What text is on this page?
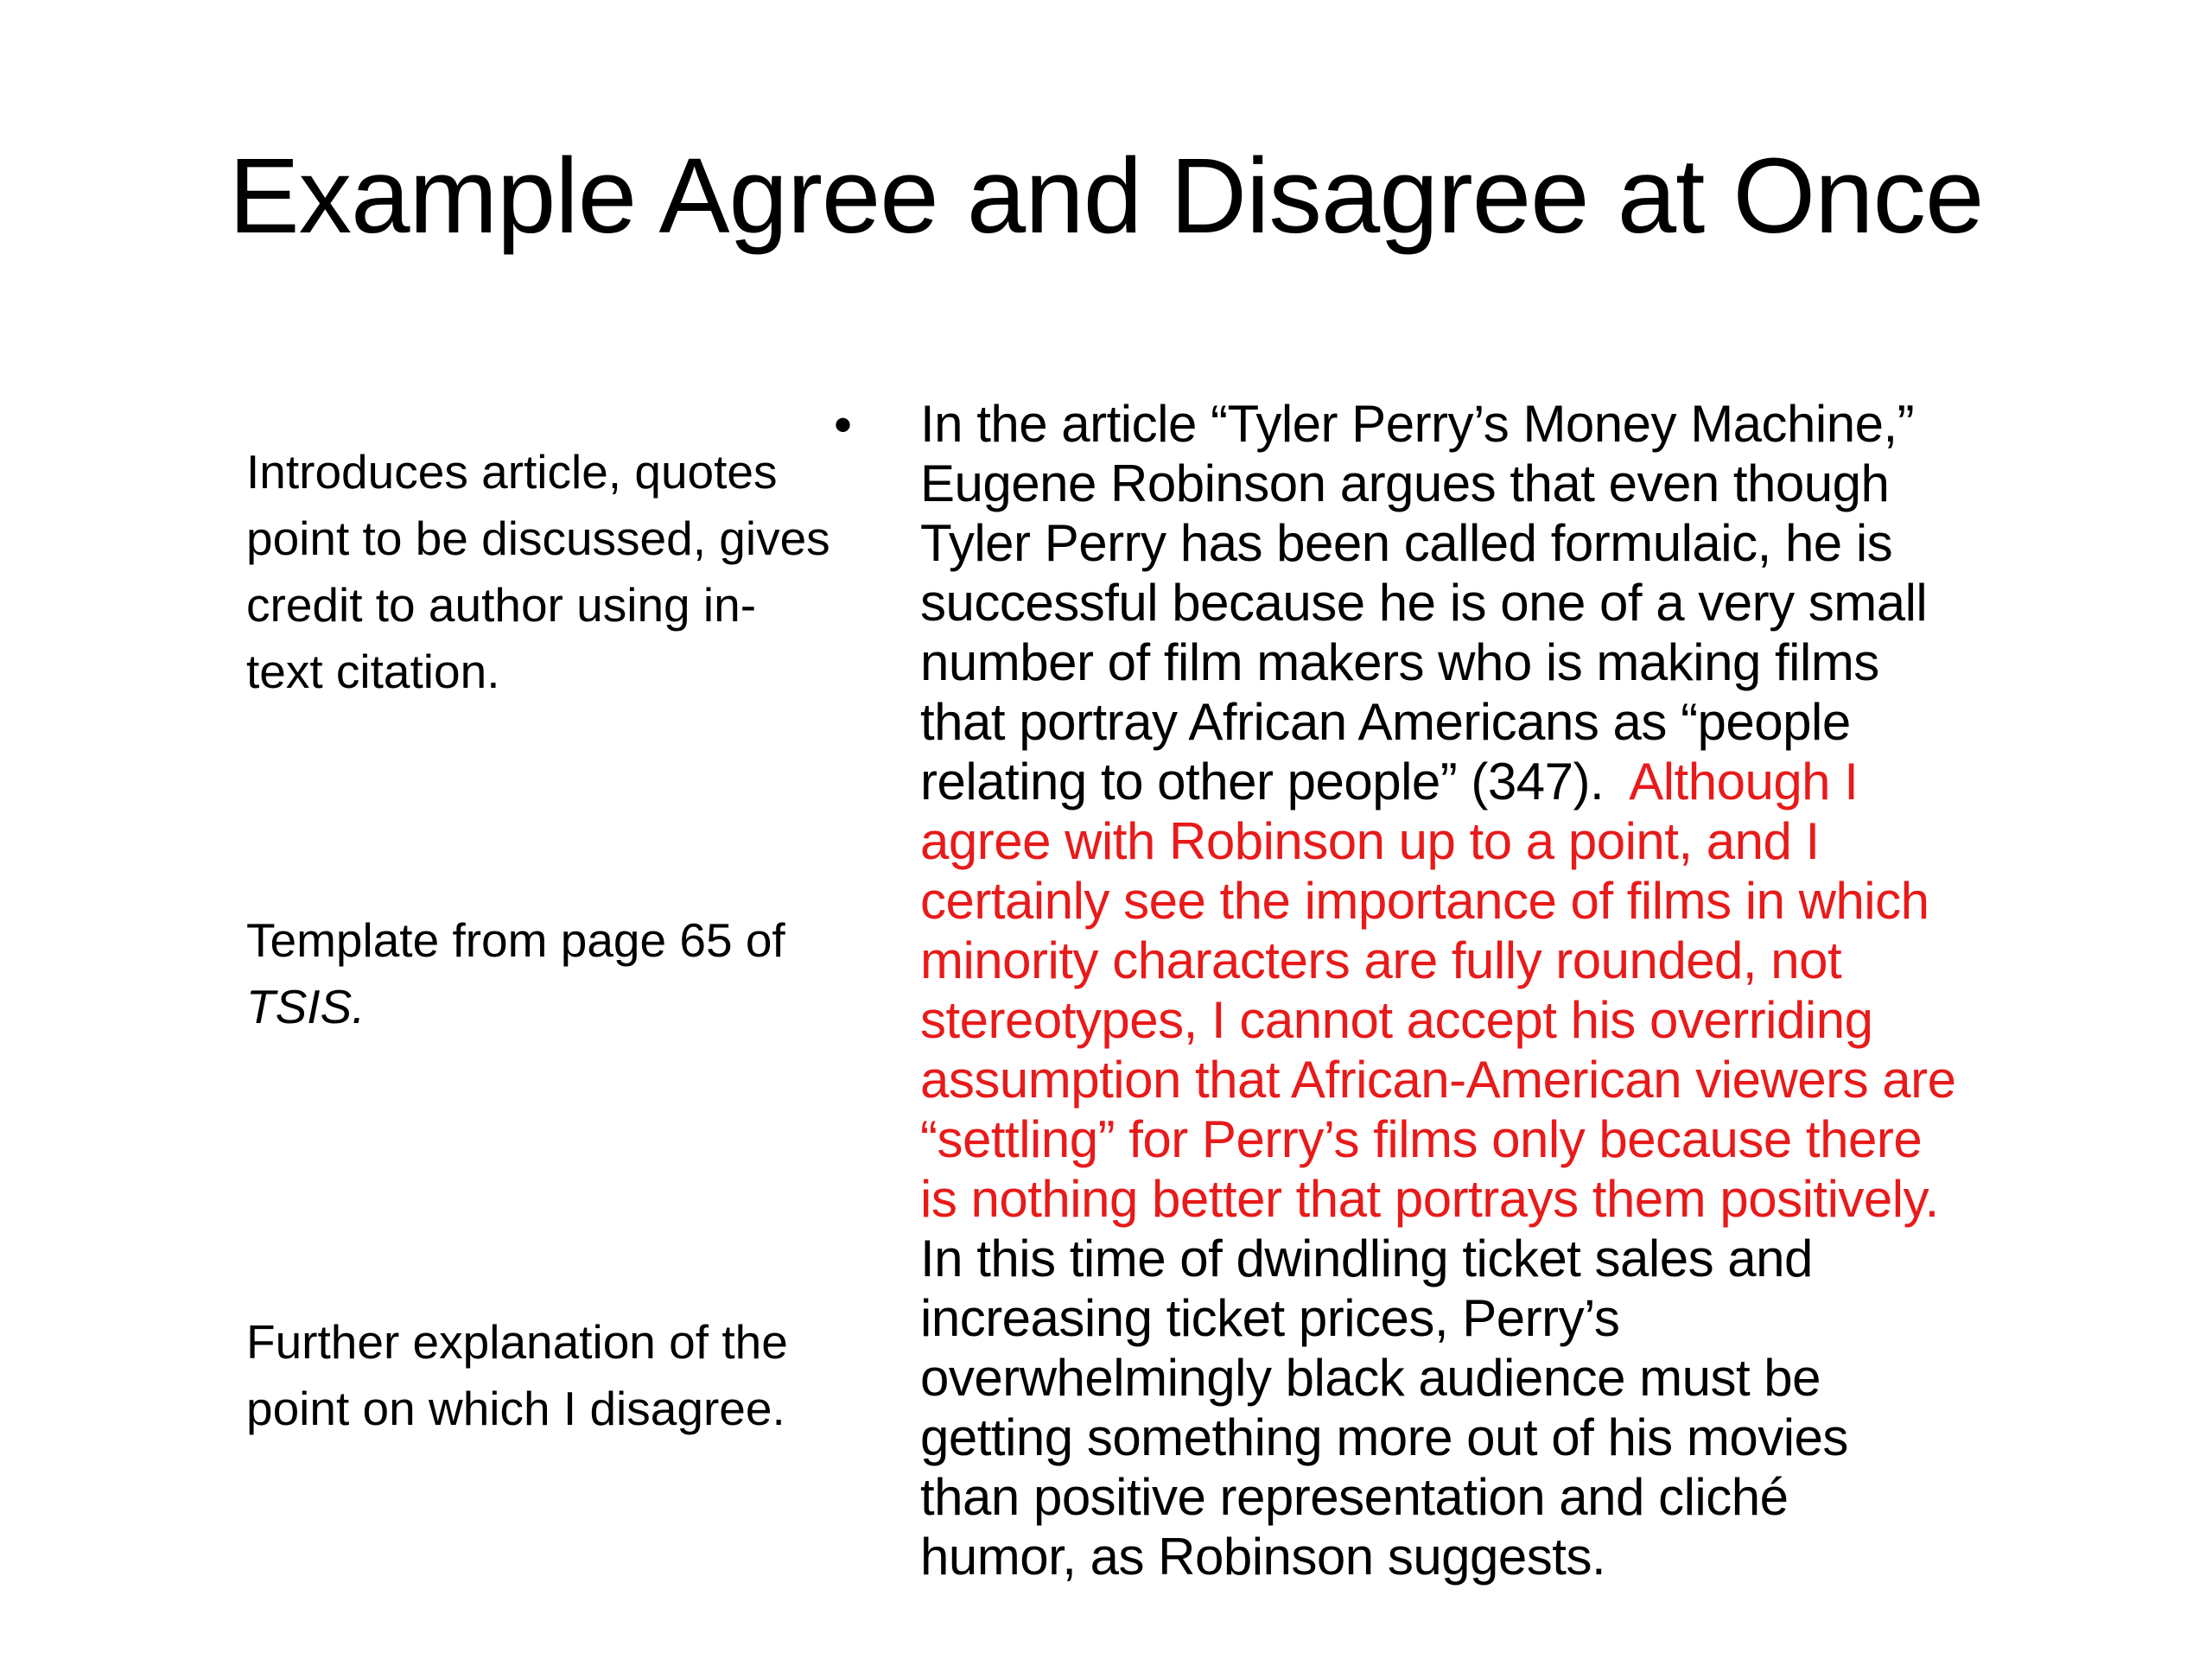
Example Agree and Disagree at Once

Introduces article, quotes
point to be discussed, gives
credit to author using in-
text citation.

Template from page 65 of
TSIS.

Further explanation of the
point on which I disagree.

• In the article “Tyler Perry’s Money Machine,”
Eugene Robinson argues that even though
Tyler Perry has been called formulaic, he is
successful because he is one of a very small
number of film makers who is making films
that portray African Americans as “people
relating to other people” (347).  Although I
agree with Robinson up to a point, and I
certainly see the importance of films in which
minority characters are fully rounded, not
stereotypes, I cannot accept his overriding
assumption that African-American viewers are
“settling” for Perry’s films only because there
is nothing better that portrays them positively.
In this time of dwindling ticket sales and
increasing ticket prices, Perry’s
overwhelmingly black audience must be
getting something more out of his movies
than positive representation and cliché
humor, as Robinson suggests.
